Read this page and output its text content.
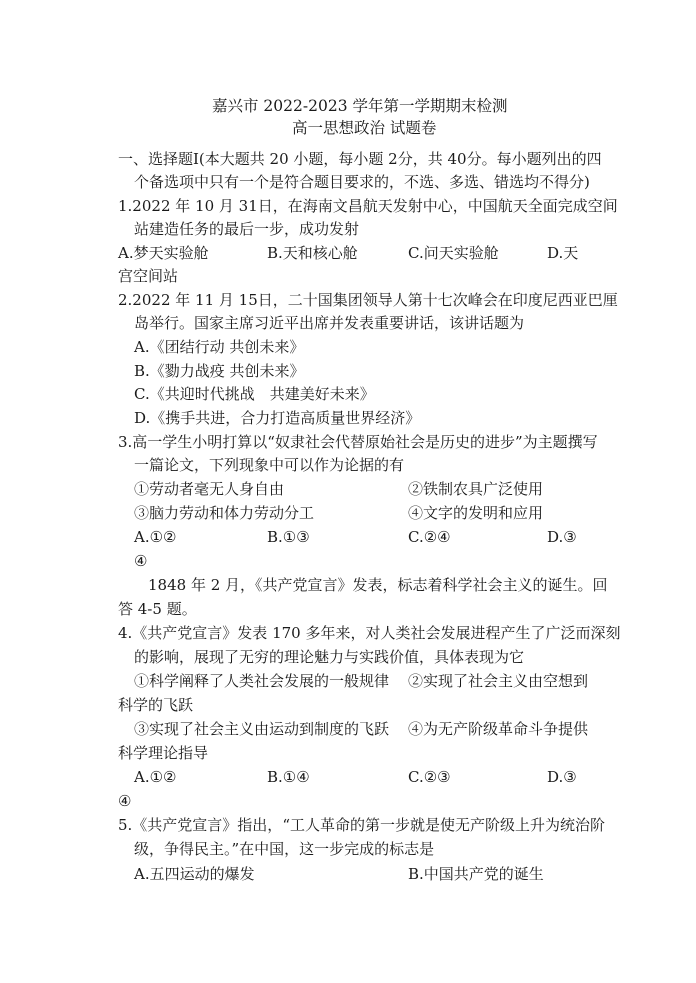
嘉兴市 2022-2023 学年第一学期期末检测
高一思想政治 试题卷
一、选择题Ⅰ(本大题共 20 小题，每小题 2分，共 40分。每小题列出的四
个备选项中只有一个是符合题目要求的，不选、多选、错选均不得分)
1.2022 年 10 月 31日，在海南文昌航天发射中心，中国航天全面完成空间
站建造任务的最后一步，成功发射
A.梦天实验舱	B.天和核心舱	C.问天实验舱	D.天
宫空间站
2.2022 年 11 月 15日，二十国集团领导人第十七次峰会在印度尼西亚巴厘
岛举行。国家主席习近平出席并发表重要讲话，该讲话题为
A.《团结行动 共创未来》
B.《勠力战疫 共创未来》
C.《共迎时代挑战　共建美好未来》
D.《携手共进，合力打造高质量世界经济》
3.高一学生小明打算以“奴隶社会代替原始社会是历史的进步”为主题撰写
一篇论文，下列现象中可以作为论据的有
①劳动者毫无人身自由	②铁制农具广泛使用
③脑力劳动和体力劳动分工	④文字的发明和应用
A.①②	B.①③	C.②④	D.③
④
1848 年 2 月，《共产党宣言》发表，标志着科学社会主义的诞生。回
答 4-5 题。
4.《共产党宣言》发表 170 多年来，对人类社会发展进程产生了广泛而深刻
的影响，展现了无穷的理论魅力与实践价值，具体表现为它
①科学阐释了人类社会发展的一般规律 ②实现了社会主义由空想到
科学的飞跃
③实现了社会主义由运动到制度的飞跃 ④为无产阶级革命斗争提供
科学理论指导
A.①②	B.①④	C.②③	D.③
④
5.《共产党宣言》指出，“工人革命的第一步就是使无产阶级上升为统治阶
级，争得民主。”在中国，这一步完成的标志是
A.五四运动的爆发	B.中国共产党的诞生
